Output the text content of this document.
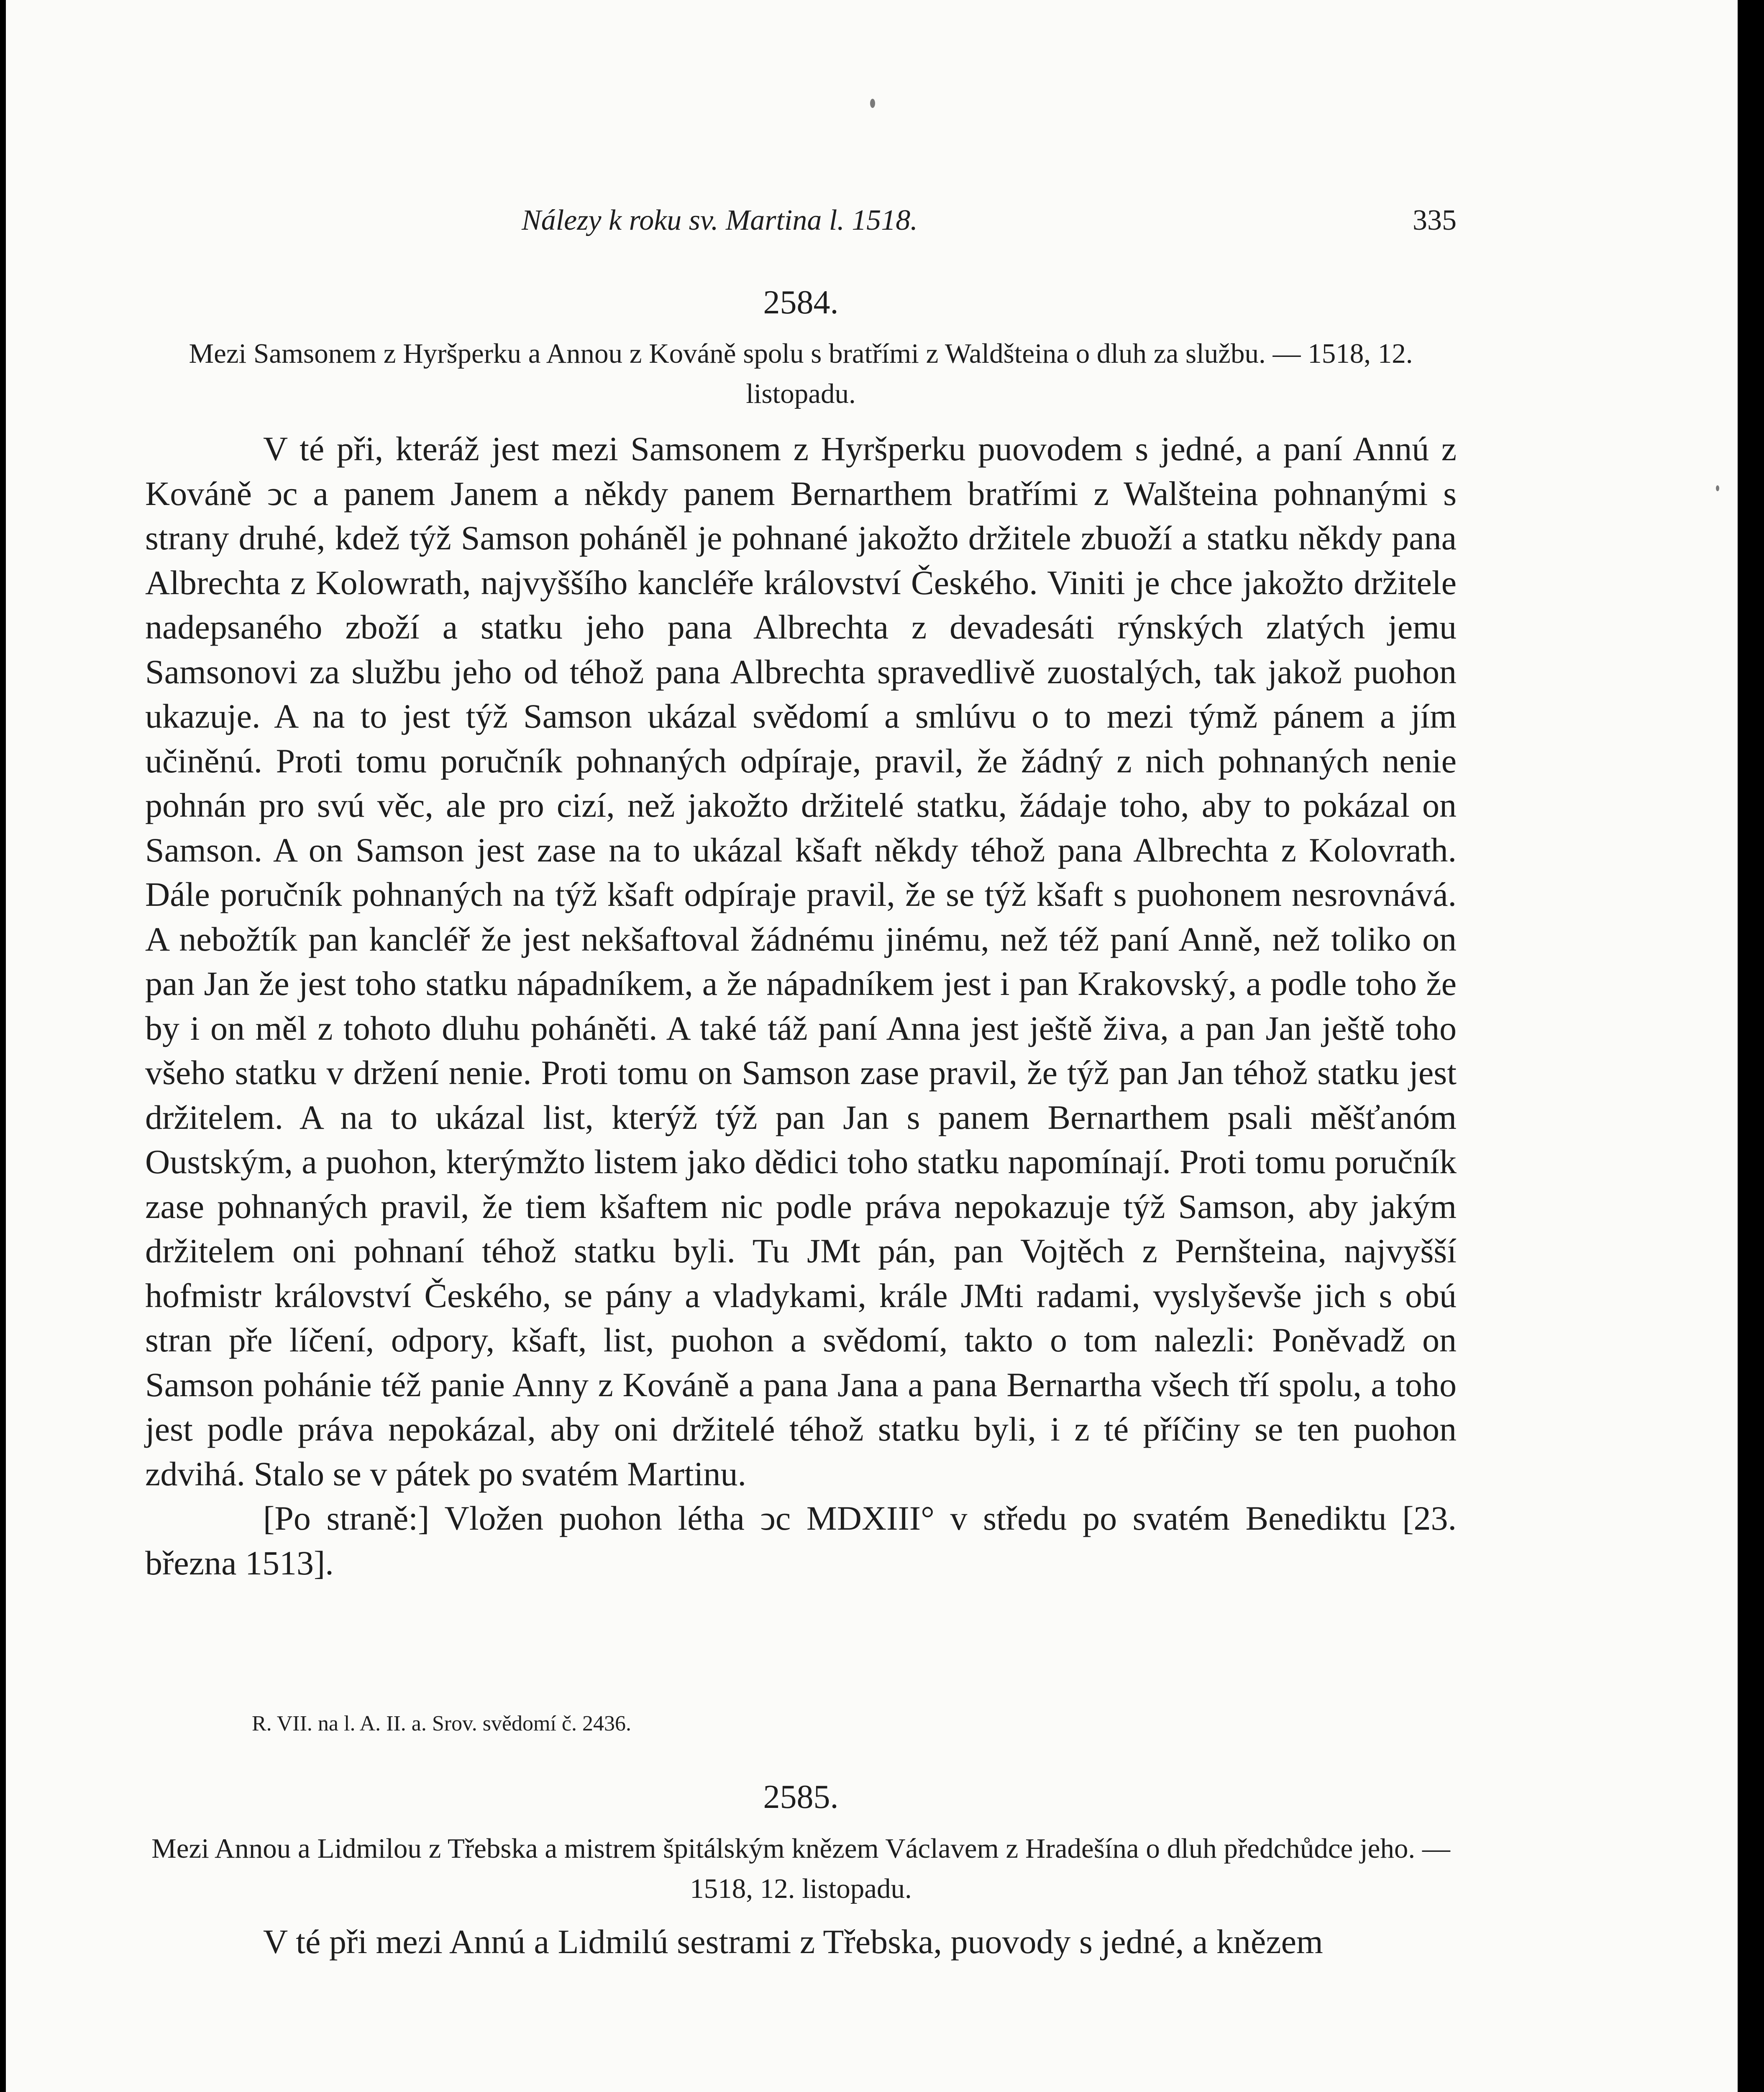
Nálezy k roku sv. Martina l. 1518.	335
2584.
Mezi Samsonem z Hyršperku a Annou z Kováně spolu s bratřími z Waldšteina o dluh za službu. — 1518, 12. listopadu.

V té při, kteráž jest mezi Samsonem z Hyršperku puovodem s jedné, a paní Annú z Kováně ͻc a panem Janem a někdy panem Bernarthem bratřími z Walšteina pohnanými s strany druhé, kdež týž Samson poháněl je pohnané jakožto držitele zbuoží a statku někdy pana Albrechta z Kolowrath, najvyššího kancléře království Českého. Viniti je chce jakožto držitele nadepsaného zboží a statku jeho pana Albrechta z devadesáti rýnských zlatých jemu Samsonovi za službu jeho od téhož pana Albrechta spravedlivě zuostalých, tak jakož puohon ukazuje. A na to jest týž Samson ukázal svědomí a smlúvu o to mezi týmž pánem a jím učiněnú. Proti tomu poručník pohnaných odpíraje, pravil, že žádný z nich pohnaných nenie pohnán pro svú věc, ale pro cizí, než jakožto držitelé statku, žádaje toho, aby to pokázal on Samson. A on Samson jest zase na to ukázal kšaft někdy téhož pana Albrechta z Kolovrath. Dále poručník pohnaných na týž kšaft odpíraje pravil, že se týž kšaft s puohonem nesrovnává. A nebožtík pan kancléř že jest nekšaftoval žádnému jinému, než též paní Anně, než toliko on pan Jan že jest toho statku nápadníkem, a že nápadníkem jest i pan Krakovský, a podle toho že by i on měl z tohoto dluhu poháněti. A také táž paní Anna jest ještě živa, a pan Jan ještě toho všeho statku v držení nenie. Proti tomu on Samson zase pravil, že týž pan Jan téhož statku jest držitelem. A na to ukázal list, kterýž týž pan Jan s panem Bernarthem psali měšťanóm Oustským, a puohon, kterýmžto listem jako dědici toho statku napomínají. Proti tomu poručník zase pohnaných pravil, že tiem kšaftem nic podle práva nepokazuje týž Samson, aby jakým držitelem oni pohnaní téhož statku byli. Tu JMt pán, pan Vojtěch z Pernšteina, najvyšší hofmistr království Českého, se pány a vladykami, krále JMti radami, vyslyševše jich s obú stran pře líčení, odpory, kšaft, list, puohon a svědomí, takto o tom nalezli: Poněvadž on Samson pohánie též panie Anny z Kováně a pana Jana a pana Bernartha všech tří spolu, a toho jest podle práva nepokázal, aby oni držitelé téhož statku byli, i z té příčiny se ten puohon zdvihá. Stalo se v pátek po svatém Martinu.

[Po straně:] Vložen puohon létha ͻc MDXIII° v středu po svatém Benediktu [23. března 1513].

R. VII. na l. A. II. a. Srov. svědomí č. 2436.
2585.
Mezi Annou a Lidmilou z Třebska a mistrem špitálským knězem Václavem z Hradešína o dluh předchůdce jeho. — 1518, 12. listopadu.

V té při mezi Annú a Lidmilú sestrami z Třebska, puovody s jedné, a knězem
